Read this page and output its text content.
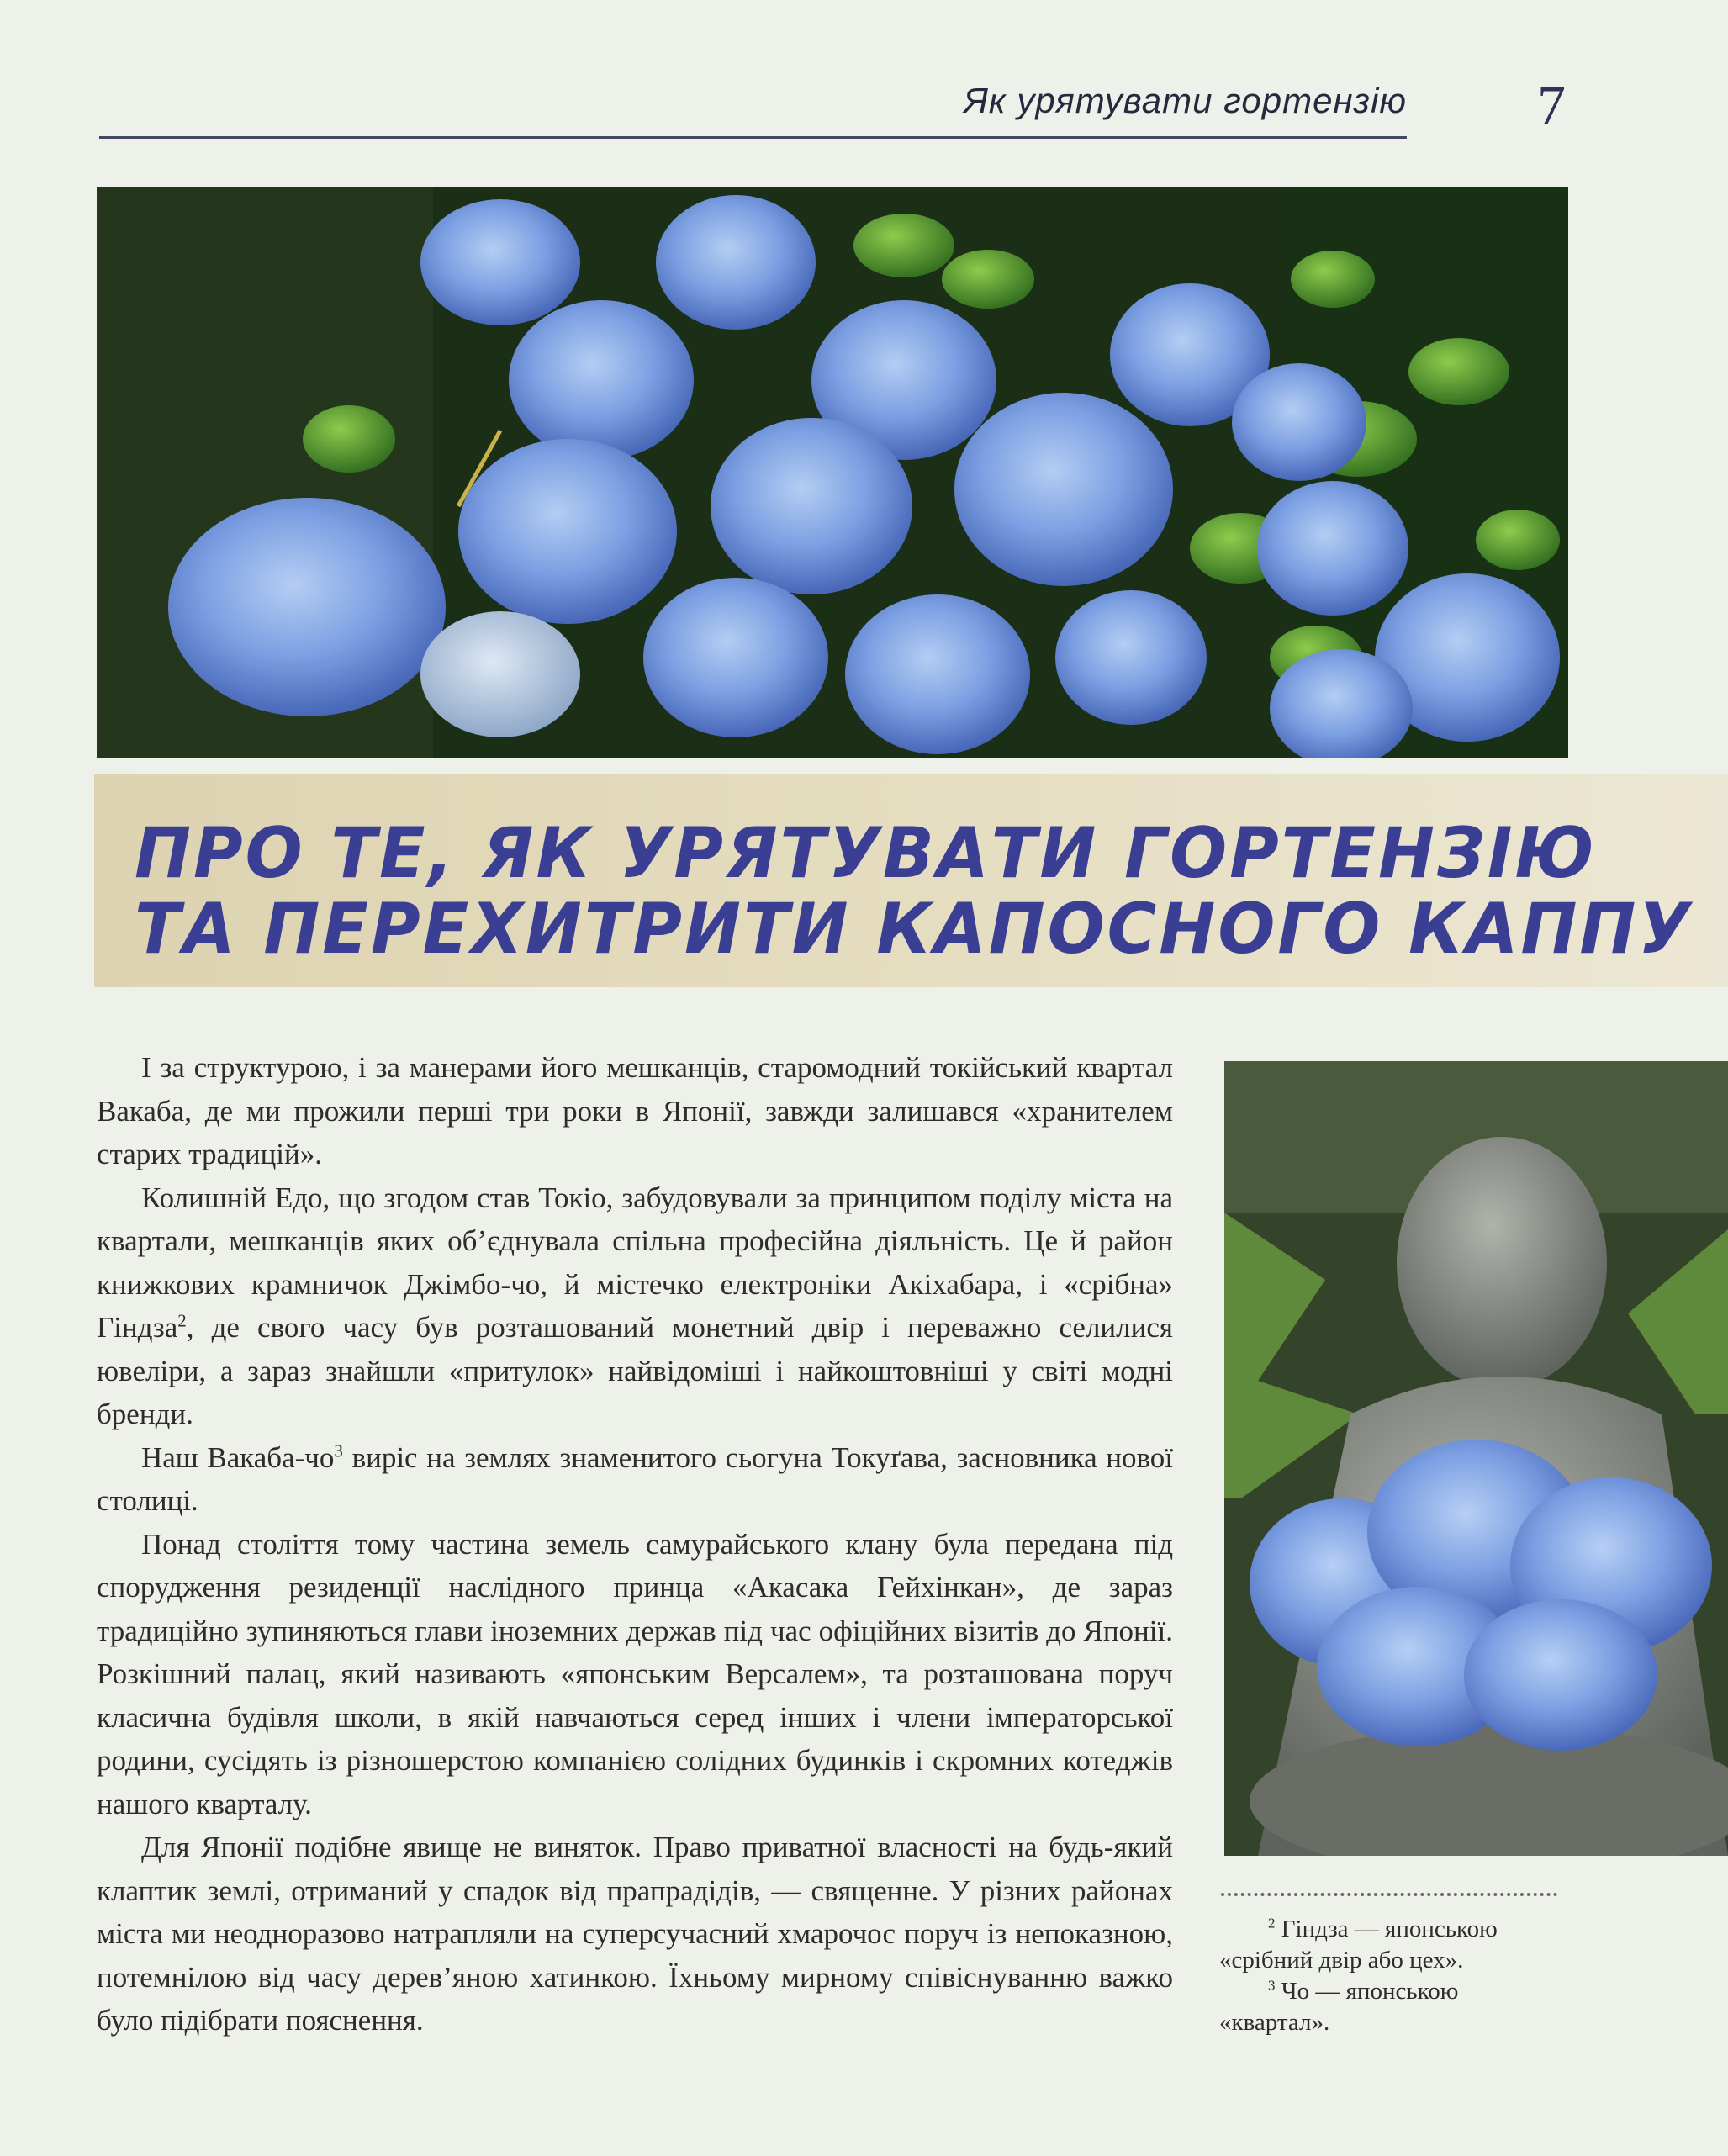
Як урятувати гортензію 7
ПРО ТЕ, ЯК УРЯТУВАТИ ГОРТЕНЗІЮ
ТА ПЕРЕХИТРИТИ КАПОСНОГО КАППУ

І за структурою, і за манерами його мешканців, старомодний токійський квартал Вакаба, де ми прожили перші три роки в Японії, завжди залишався «хранителем старих традицій».

Колишній Едо, що згодом став Токіо, забудовували за принципом поділу міста на квартали, мешканців яких об’єднувала спільна професійна діяльність. Це й район книжкових крамничок Джімбо-чо, й містечко електроніки Акіхабара, і «срібна» Гіндза$^2$, де свого часу був розташований монетний двір і переважно селилися ювеліри, а зараз знайшли «притулок» найвідоміші і найкоштовніші у світі модні бренди.

Наш Вакаба-чо$^3$ виріс на землях знаменитого сьогуна Токуґава, засновника нової столиці.

Понад століття тому частина земель самурайського клану була передана під спорудження резиденції наслідного принца «Акасака Гейхінкан», де зараз традиційно зупиняються глави іноземних держав під час офіційних візитів до Японії. Розкішний палац, який називають «японським Версалем», та розташована поруч класична будівля школи, в якій навчаються серед інших і члени імператорської родини, сусідять із різношерстою компанією солідних будинків і скромних котеджів нашого кварталу.

Для Японії подібне явище не виняток. Право приватної власності на будь-який клаптик землі, отриманий у спадок від прапрадідів, — священне. У різних районах міста ми неодноразово натрапляли на суперсучасний хмарочос поруч із непоказною, потемнілою від часу дерев’яною хатинкою. Їхньому мирному співіснуванню важко було підібрати пояснення.

$^2$ Гіндза — японською «срібний двір або цех».

$^3$ Чо — японською «квартал».
